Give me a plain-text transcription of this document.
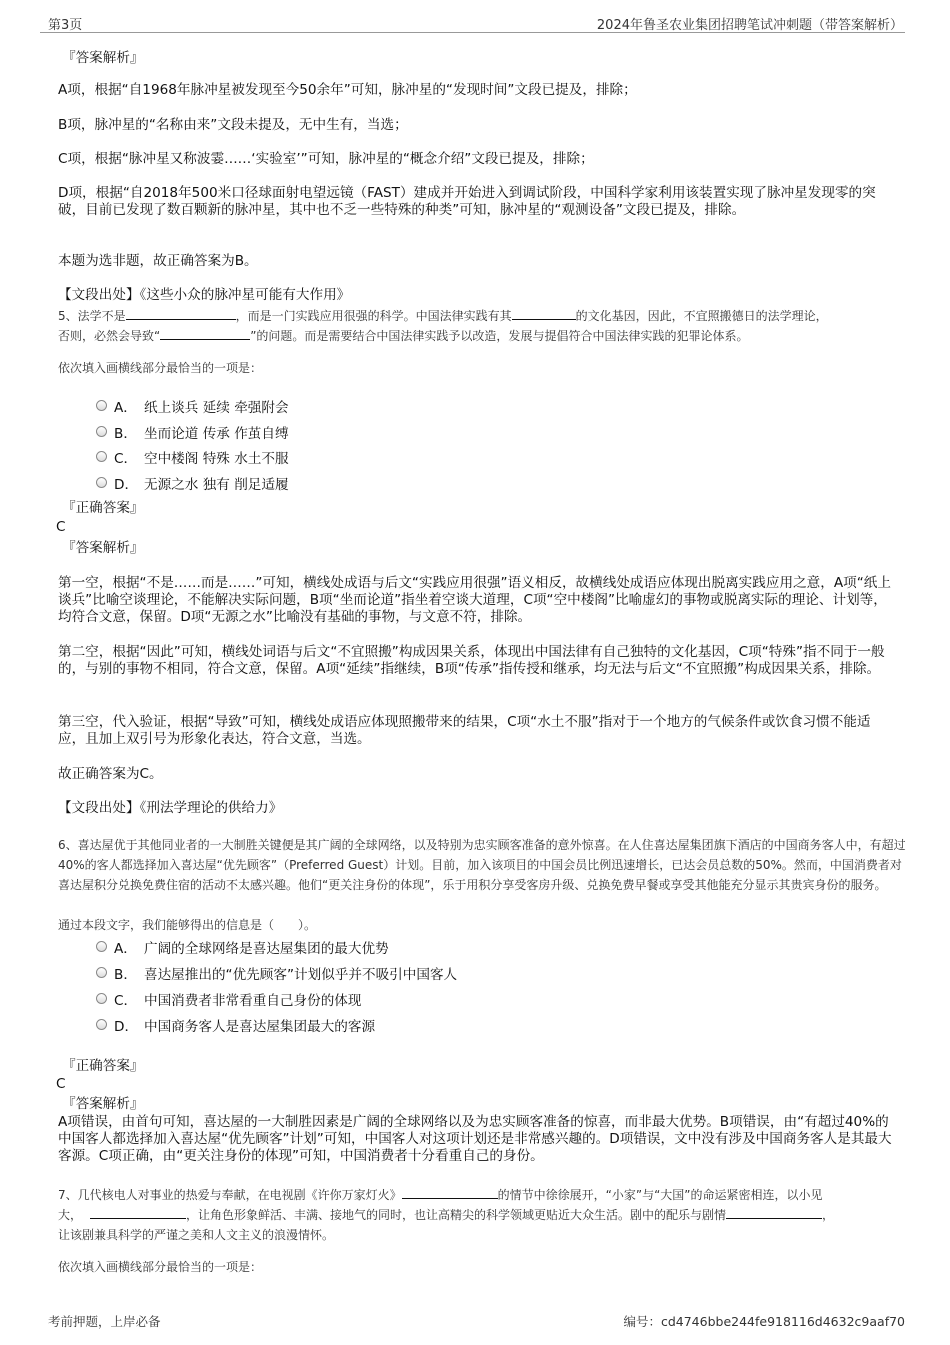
第3页	2024年鲁圣农业集团招聘笔试冲刺题（带答案解析）
『答案解析』
A项，根据“自1968年脉冲星被发现至今50余年”可知，脉冲星的“发现时间”文段已提及，排除；
B项，脉冲星的“名称由来”文段未提及，无中生有，当选；
C项，根据“脉冲星又称波霎……‘实验室’”可知，脉冲星的“概念介绍”文段已提及，排除；
D项，根据“自2018年500米口径球面射电望远镜（FAST）建成并开始进入到调试阶段，中国科学家利用该装置实现了脉冲星发现零的突破，目前已发现了数百颗新的脉冲星，其中也不乏一些特殊的种类”可知，脉冲星的“观测设备”文段已提及，排除。
本题为选非题，故正确答案为B。
【文段出处】《这些小众的脉冲星可能有大作用》
5、法学不是	，而是一门实践应用很强的科学。中国法律实践有其	的文化基因，因此，不宜照搬德日的法学理论，
否则，必然会导致“	”的问题。而是需要结合中国法律实践予以改造，发展与提倡符合中国法律实践的犯罪论体系。
依次填入画横线部分最恰当的一项是：
A． 纸上谈兵 延续 牵强附会
B． 坐而论道 传承 作茧自缚
C． 空中楼阁 特殊 水土不服
D． 无源之水 独有 削足适履
『正确答案』
C
『答案解析』
第一空，根据“不是……而是……”可知，横线处成语与后文“实践应用很强”语义相反，故横线处成语应体现出脱离实践应用之意，A项“纸上谈兵”比喻空谈理论，不能解决实际问题，B项“坐而论道”指坐着空谈大道理，C项“空中楼阁”比喻虚幻的事物或脱离实际的理论、计划等，均符合文意，保留。D项“无源之水”比喻没有基础的事物，与文意不符，排除。
第二空，根据“因此”可知，横线处词语与后文“不宜照搬”构成因果关系，体现出中国法律有自己独特的文化基因，C项“特殊”指不同于一般的，与别的事物不相同，符合文意，保留。A项“延续”指继续，B项“传承”指传授和继承，均无法与后文“不宜照搬”构成因果关系，排除。
第三空，代入验证，根据“导致”可知，横线处成语应体现照搬带来的结果，C项“水土不服”指对于一个地方的气候条件或饮食习惯不能适应，且加上双引号为形象化表达，符合文意，当选。
故正确答案为C。
【文段出处】《刑法学理论的供给力》
6、喜达屋优于其他同业者的一大制胜关键便是其广阔的全球网络，以及特别为忠实顾客准备的意外惊喜。在人住喜达屋集团旗下酒店的中国商务客人中，有超过40%的客人都选择加入喜达屋“优先顾客”（Preferred Guest）计划。目前，加入该项目的中国会员比例迅速增长，已达会员总数的50%。然而，中国消费者对喜达屋积分兑换免费住宿的活动不太感兴趣。他们“更关注身份的体现”，乐于用积分享受客房升级、兑换免费早餐或享受其他能充分显示其贵宾身份的服务。
通过本段文字，我们能够得出的信息是（　　）。
A． 广阔的全球网络是喜达屋集团的最大优势
B． 喜达屋推出的“优先顾客”计划似乎并不吸引中国客人
C． 中国消费者非常看重自己身份的体现
D． 中国商务客人是喜达屋集团最大的客源
『正确答案』
C
『答案解析』
A项错误，由首句可知，喜达屋的一大制胜因素是广阔的全球网络以及为忠实顾客准备的惊喜，而非最大优势。B项错误，由“有超过40%的中国客人都选择加入喜达屋“优先顾客”计划”可知，中国客人对这项计划还是非常感兴趣的。D项错误，文中没有涉及中国商务客人是其最大客源。C项正确，由“更关注身份的体现”可知，中国消费者十分看重自己的身份。
7、几代核电人对事业的热爱与奉献，在电视剧《许你万家灯火》	的情节中徐徐展开，“小家”与“大国”的命运紧密相连，以小见
大，	，让角色形象鲜活、丰满、接地气的同时，也让高精尖的科学领域更贴近大众生活。剧中的配乐与剧情	，
让该剧兼具科学的严谨之美和人文主义的浪漫情怀。
依次填入画横线部分最恰当的一项是：
考前押题，上岸必备	编号：cd4746bbe244fe918116d4632c9aaf70
